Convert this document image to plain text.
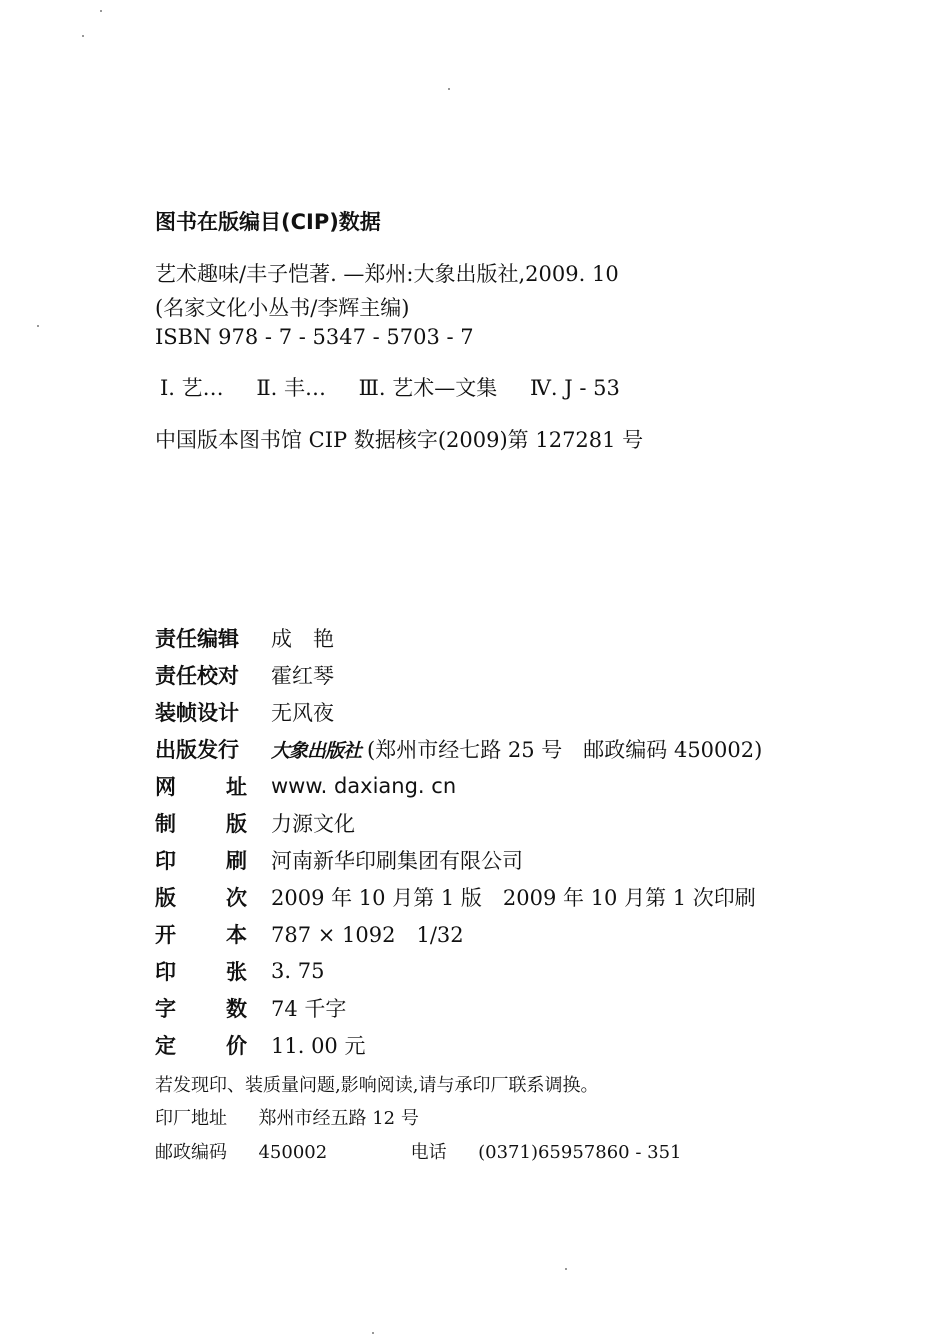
图书在版编目(CIP)数据
艺术趣味/丰子恺著. —郑州:大象出版社,2009. 10
(名家文化小丛书/李辉主编)
ISBN 978 - 7 - 5347 - 5703 - 7
Ⅰ. 艺… Ⅱ. 丰… Ⅲ. 艺术—文集 Ⅳ. J - 53
中国版本图书馆 CIP 数据核字(2009)第 127281 号
责任编辑	成　艳
责任校对	霍红琴
装帧设计	无风夜
出版发行	大象出版社 (郑州市经七路 25 号　邮政编码 450002)
网 址 www. daxiang. cn
制 版 力源文化
印 刷 河南新华印刷集团有限公司
版 次 2009 年 10 月第 1 版　2009 年 10 月第 1 次印刷
开 本 787 × 1092　1/32
印 张 3. 75
字 数 74 千字
定 价 11. 00 元
若发现印、装质量问题,影响阅读,请与承印厂联系调换。
印厂地址 郑州市经五路 12 号
邮政编码 450002	电话 (0371)65957860 - 351
